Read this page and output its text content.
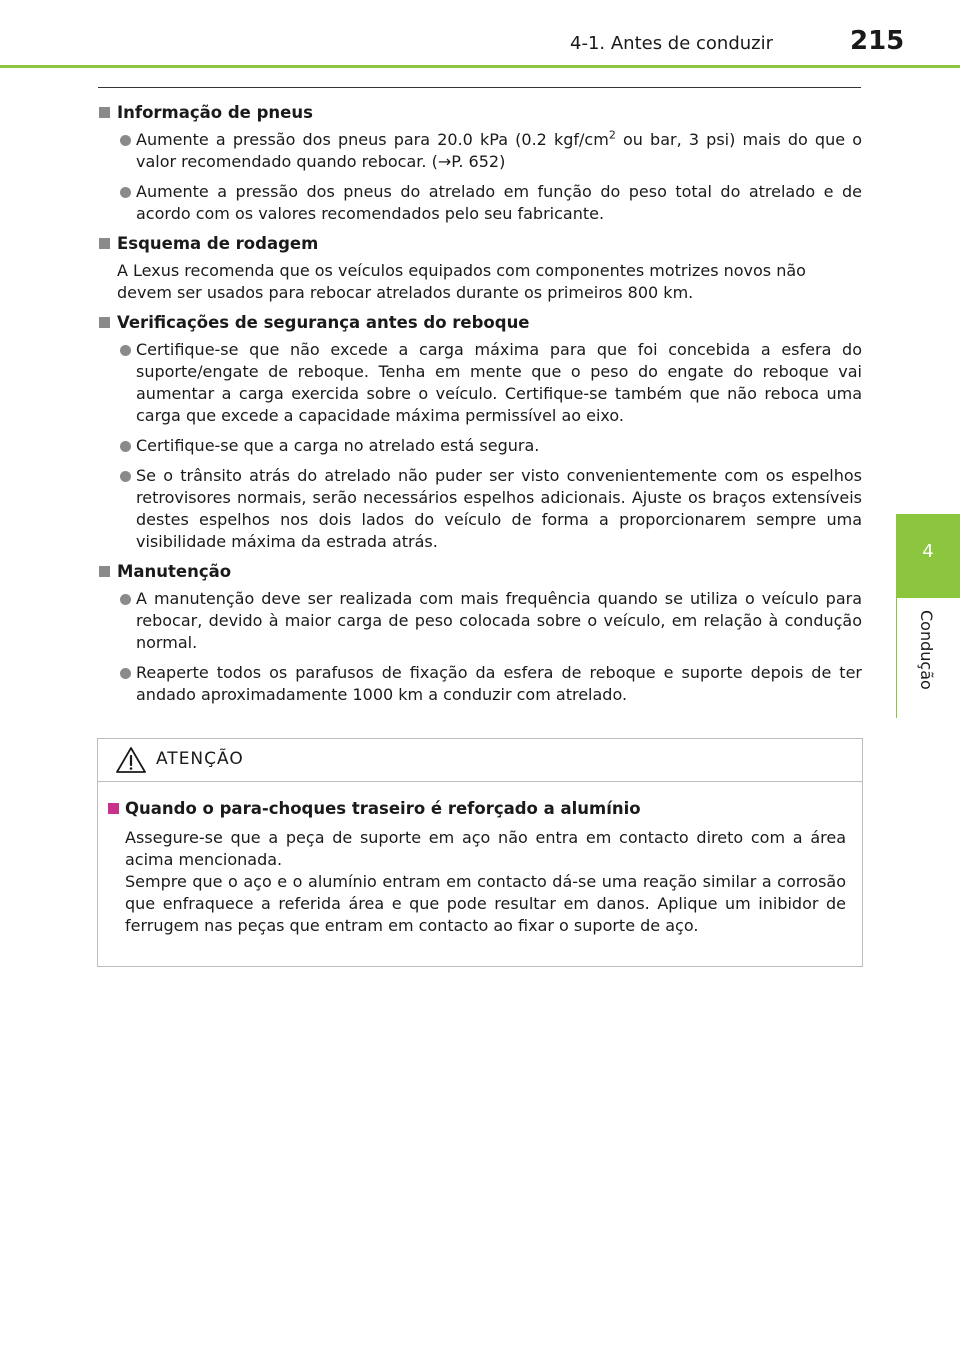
4-1. Antes de conduzir	215
4
Condução
Informação de pneus
Aumente a pressão dos pneus para 20.0 kPa (0.2 kgf/$cm^2$ ou bar, 3 psi) mais do que o valor recomendado quando rebocar. (→P. 652)
Aumente a pressão dos pneus do atrelado em função do peso total do atrelado e de acordo com os valores recomendados pelo seu fabricante.
Esquema de rodagem
A Lexus recomenda que os veículos equipados com componentes motrizes novos não devem ser usados para rebocar atrelados durante os primeiros 800 km.
Verificações de segurança antes do reboque
Certifique-se que não excede a carga máxima para que foi concebida a esfera do suporte/engate de reboque. Tenha em mente que o peso do engate do reboque vai aumentar a carga exercida sobre o veículo. Certifique-se também que não reboca uma carga que excede a capacidade máxima permissível ao eixo.
Certifique-se que a carga no atrelado está segura.
Se o trânsito atrás do atrelado não puder ser visto convenientemente com os espelhos retrovisores normais, serão necessários espelhos adicionais. Ajuste os braços extensíveis destes espelhos nos dois lados do veículo de forma a proporcionarem sempre uma visibilidade máxima da estrada atrás.
Manutenção
A manutenção deve ser realizada com mais frequência quando se utiliza o veículo para rebocar, devido à maior carga de peso colocada sobre o veículo, em relação à condução normal.
Reaperte todos os parafusos de fixação da esfera de reboque e suporte depois de ter andado aproximadamente 1000 km a conduzir com atrelado.
ATENÇÃO
Quando o para-choques traseiro é reforçado a alumínio
Assegure-se que a peça de suporte em aço não entra em contacto direto com a área acima mencionada.
Sempre que o aço e o alumínio entram em contacto dá-se uma reação similar a corrosão que enfraquece a referida área e que pode resultar em danos. Aplique um inibidor de ferrugem nas peças que entram em contacto ao fixar o suporte de aço.
